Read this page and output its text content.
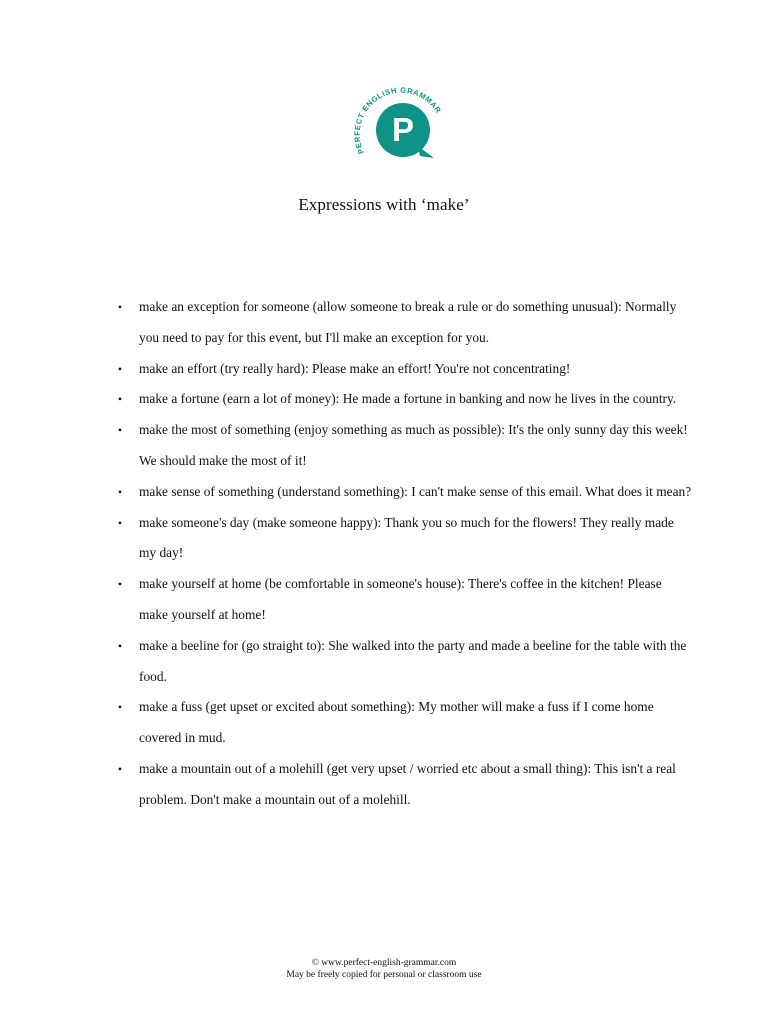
PERFECT ENGLISH GRAMMAR
P
Expressions with ‘make’
•	make an exception for someone (allow someone to break a rule or do something unusual): Normally you need to pay for this event, but I'll make an exception for you.
•	make an effort (try really hard): Please make an effort! You're not concentrating!
•	make a fortune (earn a lot of money): He made a fortune in banking and now he lives in the country.
•	make the most of something (enjoy something as much as possible): It's the only sunny day this week! We should make the most of it!
•	make sense of something (understand something): I can't make sense of this email. What does it mean?
•	make someone's day (make someone happy): Thank you so much for the flowers! They really made my day!
•	make yourself at home (be comfortable in someone's house): There's coffee in the kitchen! Please make yourself at home!
•	make a beeline for (go straight to): She walked into the party and made a beeline for the table with the food.
•	make a fuss (get upset or excited about something): My mother will make a fuss if I come home covered in mud.
•	make a mountain out of a molehill (get very upset / worried etc about a small thing): This isn't a real problem. Don't make a mountain out of a molehill.
© www.perfect-english-grammar.com
May be freely copied for personal or classroom use
